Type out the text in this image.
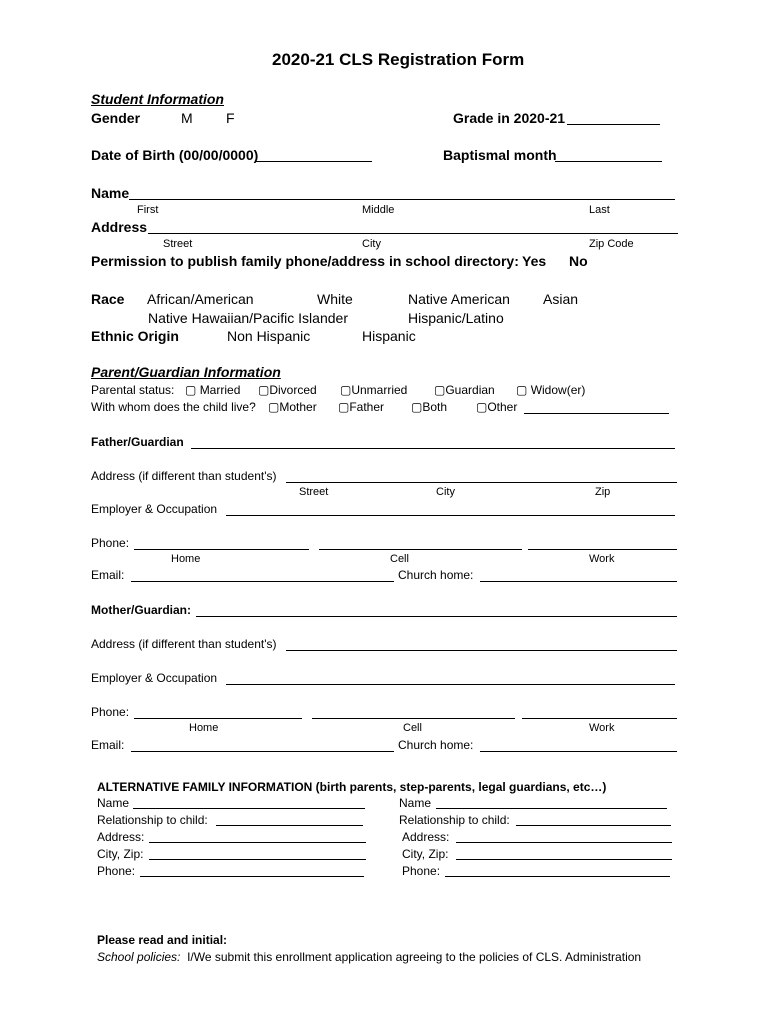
2020-21 CLS Registration Form
Student Information
Gender	M F	Grade in 2020-21
Date of Birth (00/00/0000)	Baptismal month
Name
First	Middle	Last
Address
Street	City	Zip Code
Permission to publish family phone/address in school directory: Yes No
Race African/American	White	Native American Asian
Native Hawaiian/Pacific Islander	Hispanic/Latino
Ethnic Origin	Non Hispanic	Hispanic
Parent/Guardian Information
Parental status: ▢ Married ▢Divorced ▢Unmarried ▢Guardian ▢ Widow(er)
With whom does the child live? ▢Mother ▢Father ▢Both ▢Other
Father/Guardian
Address (if different than student's)
Street	City	Zip
Employer & Occupation
Phone:
Home	Cell	Work
Email:	Church home:
Mother/Guardian:
Address (if different than student's)
Employer & Occupation
Phone:
Home	Cell	Work
Email:	Church home:
ALTERNATIVE FAMILY INFORMATION (birth parents, step-parents, legal guardians, etc…)
Name
Relationship to child:
Address:
City, Zip:
Phone:
Name
Relationship to child:
Address:
City, Zip:
Phone:
Please read and initial:
School policies: I/We submit this enrollment application agreeing to the policies of CLS. Administration
